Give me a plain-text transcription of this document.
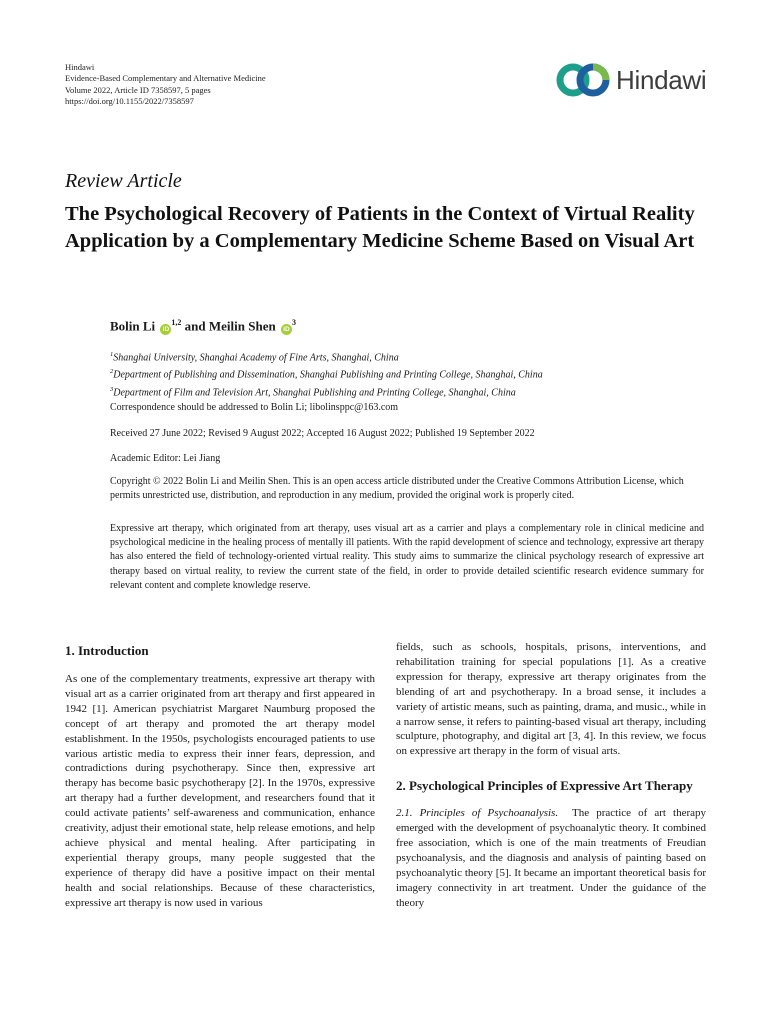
Hindawi
Evidence-Based Complementary and Alternative Medicine
Volume 2022, Article ID 7358597, 5 pages
https://doi.org/10.1155/2022/7358597
Hindawi
Review Article
The Psychological Recovery of Patients in the Context of Virtual Reality Application by a Complementary Medicine Scheme Based on Visual Art
Bolin Li iD$^{1,2}$ and Meilin Shen $iD^3$
$^1$Shanghai University, Shanghai Academy of Fine Arts, Shanghai, China
$^2$Department of Publishing and Dissemination, Shanghai Publishing and Printing College, Shanghai, China
$^3$Department of Film and Television Art, Shanghai Publishing and Printing College, Shanghai, China
Correspondence should be addressed to Bolin Li; libolinsppc@163.com
Received 27 June 2022; Revised 9 August 2022; Accepted 16 August 2022; Published 19 September 2022
Academic Editor: Lei Jiang
Copyright © 2022 Bolin Li and Meilin Shen. This is an open access article distributed under the Creative Commons Attribution License, which permits unrestricted use, distribution, and reproduction in any medium, provided the original work is properly cited.
Expressive art therapy, which originated from art therapy, uses visual art as a carrier and plays a complementary role in clinical medicine and psychological medicine in the healing process of mentally ill patients. With the rapid development of science and technology, expressive art therapy has also entered the field of technology-oriented virtual reality. This study aims to summarize the clinical psychology research of expressive art therapy based on virtual reality, to review the current state of the field, in order to provide detailed scientific research evidence summary for relevant content and complete knowledge reserve.
1. Introduction

As one of the complementary treatments, expressive art therapy with visual art as a carrier originated from art therapy and first appeared in 1942 [1]. American psychiatrist Margaret Naumburg proposed the concept of art therapy and promoted the art therapy model establishment. In the 1950s, psychologists encouraged patients to use various artistic media to express their inner fears, depression, and contradictions during psychotherapy. Since then, expressive art therapy has become basic psychotherapy [2]. In the 1970s, expressive art therapy had a further development, and researchers found that it could activate patients’ self-awareness and communication, enhance creativity, adjust their emotional state, help release emotions, and help achieve physical and mental healing. After participating in experiential therapy groups, many people suggested that the experience of therapy did have a positive impact on their mental health and social relationships. Because of these characteristics, expressive art therapy is now used in various

fields, such as schools, hospitals, prisons, interventions, and rehabilitation training for special populations [1]. As a creative expression for therapy, expressive art therapy originates from the blending of art and psychotherapy. In a broad sense, it includes a variety of artistic means, such as painting, drama, and music., while in a narrow sense, it refers to painting-based visual art therapy, including sculpture, photography, and digital art [3, 4]. In this review, we focus on expressive art therapy in the form of visual arts.

2. Psychological Principles of Expressive Art Therapy

2.1. Principles of Psychoanalysis. The practice of art therapy emerged with the development of psychoanalytic theory. It combined free association, which is one of the main treatments of Freudian psychoanalysis, and the diagnosis and analysis of painting based on psychoanalytic theory [5]. It became an important theoretical basis for imagery connectivity in art treatment. Under the guidance of the theory
